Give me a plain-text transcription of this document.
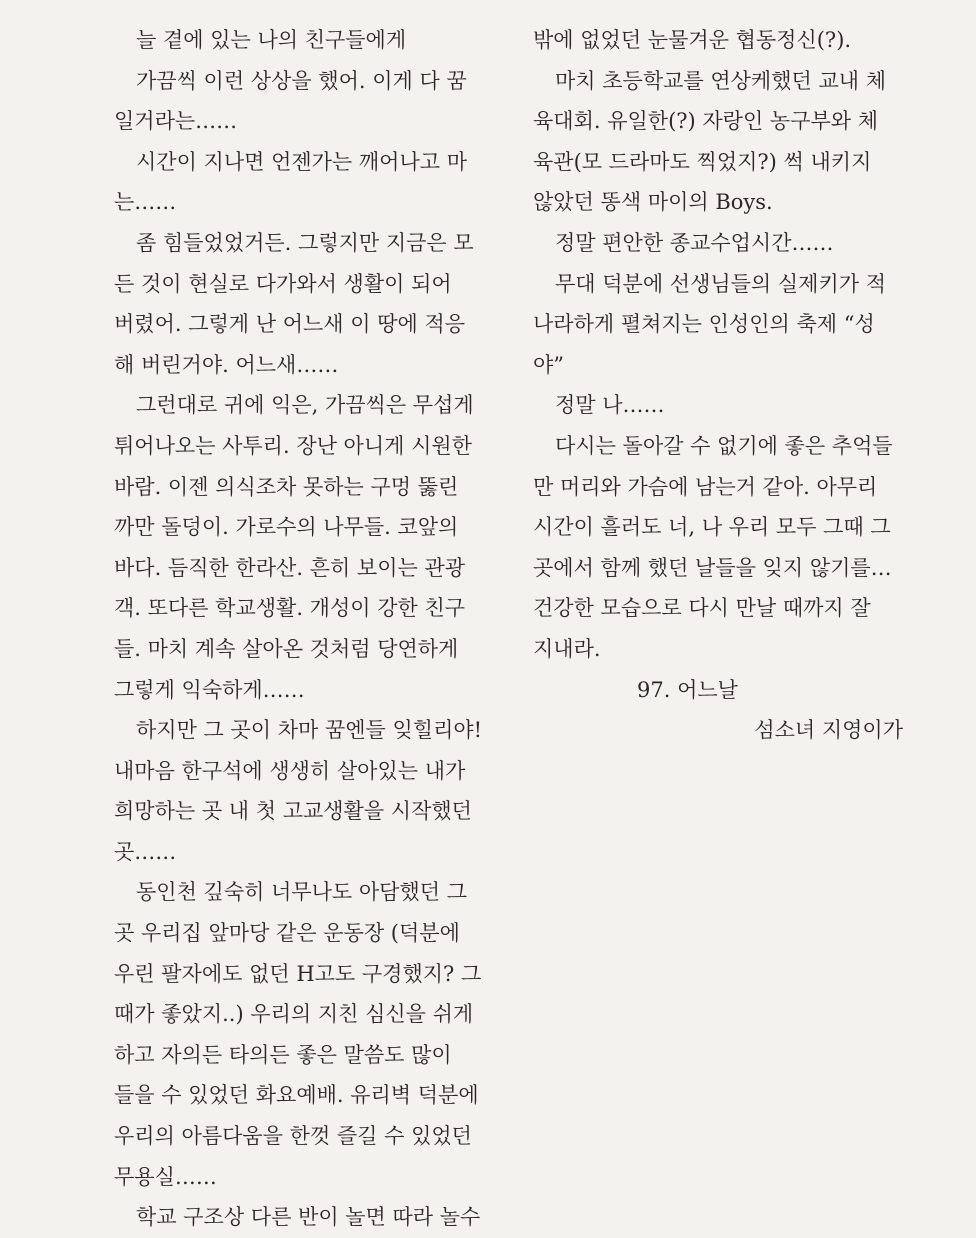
늘 곁에 있는 나의 친구들에게
가끔씩 이런 상상을 했어. 이게 다 꿈
일거라는……
시간이 지나면 언젠가는 깨어나고 마
는……
좀 힘들었었거든. 그렇지만 지금은 모
든 것이 현실로 다가와서 생활이 되어
버렸어. 그렇게 난 어느새 이 땅에 적응
해 버린거야. 어느새……
그런대로 귀에 익은, 가끔씩은 무섭게
튀어나오는 사투리. 장난 아니게 시원한
바람. 이젠 의식조차 못하는 구멍 뚫린
까만 돌덩이. 가로수의 나무들. 코앞의
바다. 듬직한 한라산. 흔히 보이는 관광
객. 또다른 학교생활. 개성이 강한 친구
들. 마치 계속 살아온 것처럼 당연하게
그렇게 익숙하게……
하지만 그 곳이 차마 꿈엔들 잊힐리야!
내마음 한구석에 생생히 살아있는 내가
희망하는 곳 내 첫 고교생활을 시작했던
곳……
동인천 깊숙히 너무나도 아담했던 그
곳 우리집 앞마당 같은 운동장 (덕분에
우린 팔자에도 없던 H고도 구경했지? 그
때가 좋았지..) 우리의 지친 심신을 쉬게
하고 자의든 타의든 좋은 말씀도 많이
들을 수 있었던 화요예배. 유리벽 덕분에
우리의 아름다움을 한껏 즐길 수 있었던
무용실……
학교 구조상 다른 반이 놀면 따라 놀수
밖에 없었던 눈물겨운 협동정신(?).
마치 초등학교를 연상케했던 교내 체
육대회. 유일한(?) 자랑인 농구부와 체
육관(모 드라마도 찍었지?) 썩 내키지
않았던 똥색 마이의 Boys.
정말 편안한 종교수업시간……
무대 덕분에 선생님들의 실제키가 적
나라하게 펼쳐지는 인성인의 축제 “성
야”
정말 나……
다시는 돌아갈 수 없기에 좋은 추억들
만 머리와 가슴에 남는거 같아. 아무리
시간이 흘러도 너, 나 우리 모두 그때 그
곳에서 함께 했던 날들을 잊지 않기를…
건강한 모습으로 다시 만날 때까지 잘
지내라.
97. 어느날
섬소녀 지영이가
